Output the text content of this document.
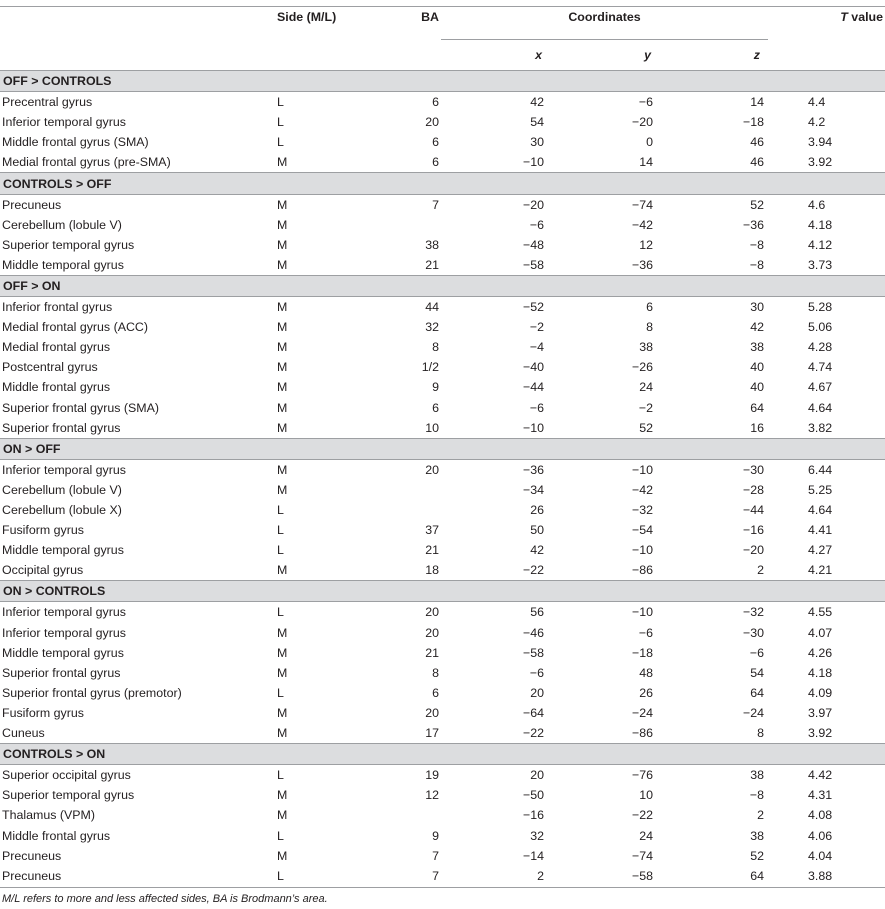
	Side (M/L)	BA	Coordinates			T value
			x	y	z	
OFF > CONTROLS						
Precentral gyrus	L	6	42	−6	14	4.4
Inferior temporal gyrus	L	20	54	−20	−18	4.2
Middle frontal gyrus (SMA)	L	6	30	0	46	3.94
Medial frontal gyrus (pre-SMA)	M	6	−10	14	46	3.92
CONTROLS > OFF						
Precuneus	M	7	−20	−74	52	4.6
Cerebellum (lobule V)	M		−6	−42	−36	4.18
Superior temporal gyrus	M	38	−48	12	−8	4.12
Middle temporal gyrus	M	21	−58	−36	−8	3.73
OFF > ON						
Inferior frontal gyrus	M	44	−52	6	30	5.28
Medial frontal gyrus (ACC)	M	32	−2	8	42	5.06
Medial frontal gyrus	M	8	−4	38	38	4.28
Postcentral gyrus	M	1/2	−40	−26	40	4.74
Middle frontal gyrus	M	9	−44	24	40	4.67
Superior frontal gyrus (SMA)	M	6	−6	−2	64	4.64
Superior frontal gyrus	M	10	−10	52	16	3.82
ON > OFF						
Inferior temporal gyrus	M	20	−36	−10	−30	6.44
Cerebellum (lobule V)	M		−34	−42	−28	5.25
Cerebellum (lobule X)	L		26	−32	−44	4.64
Fusiform gyrus	L	37	50	−54	−16	4.41
Middle temporal gyrus	L	21	42	−10	−20	4.27
Occipital gyrus	M	18	−22	−86	2	4.21
ON > CONTROLS						
Inferior temporal gyrus	L	20	56	−10	−32	4.55
Inferior temporal gyrus	M	20	−46	−6	−30	4.07
Middle temporal gyrus	M	21	−58	−18	−6	4.26
Superior frontal gyrus	M	8	−6	48	54	4.18
Superior frontal gyrus (premotor)	L	6	20	26	64	4.09
Fusiform gyrus	M	20	−64	−24	−24	3.97
Cuneus	M	17	−22	−86	8	3.92
CONTROLS > ON						
Superior occipital gyrus	L	19	20	−76	38	4.42
Superior temporal gyrus	M	12	−50	10	−8	4.31
Thalamus (VPM)	M		−16	−22	2	4.08
Middle frontal gyrus	L	9	32	24	38	4.06
Precuneus	M	7	−14	−74	52	4.04
Precuneus	L	7	2	−58	64	3.88
M/L refers to more and less affected sides, BA is Brodmann’s area.
